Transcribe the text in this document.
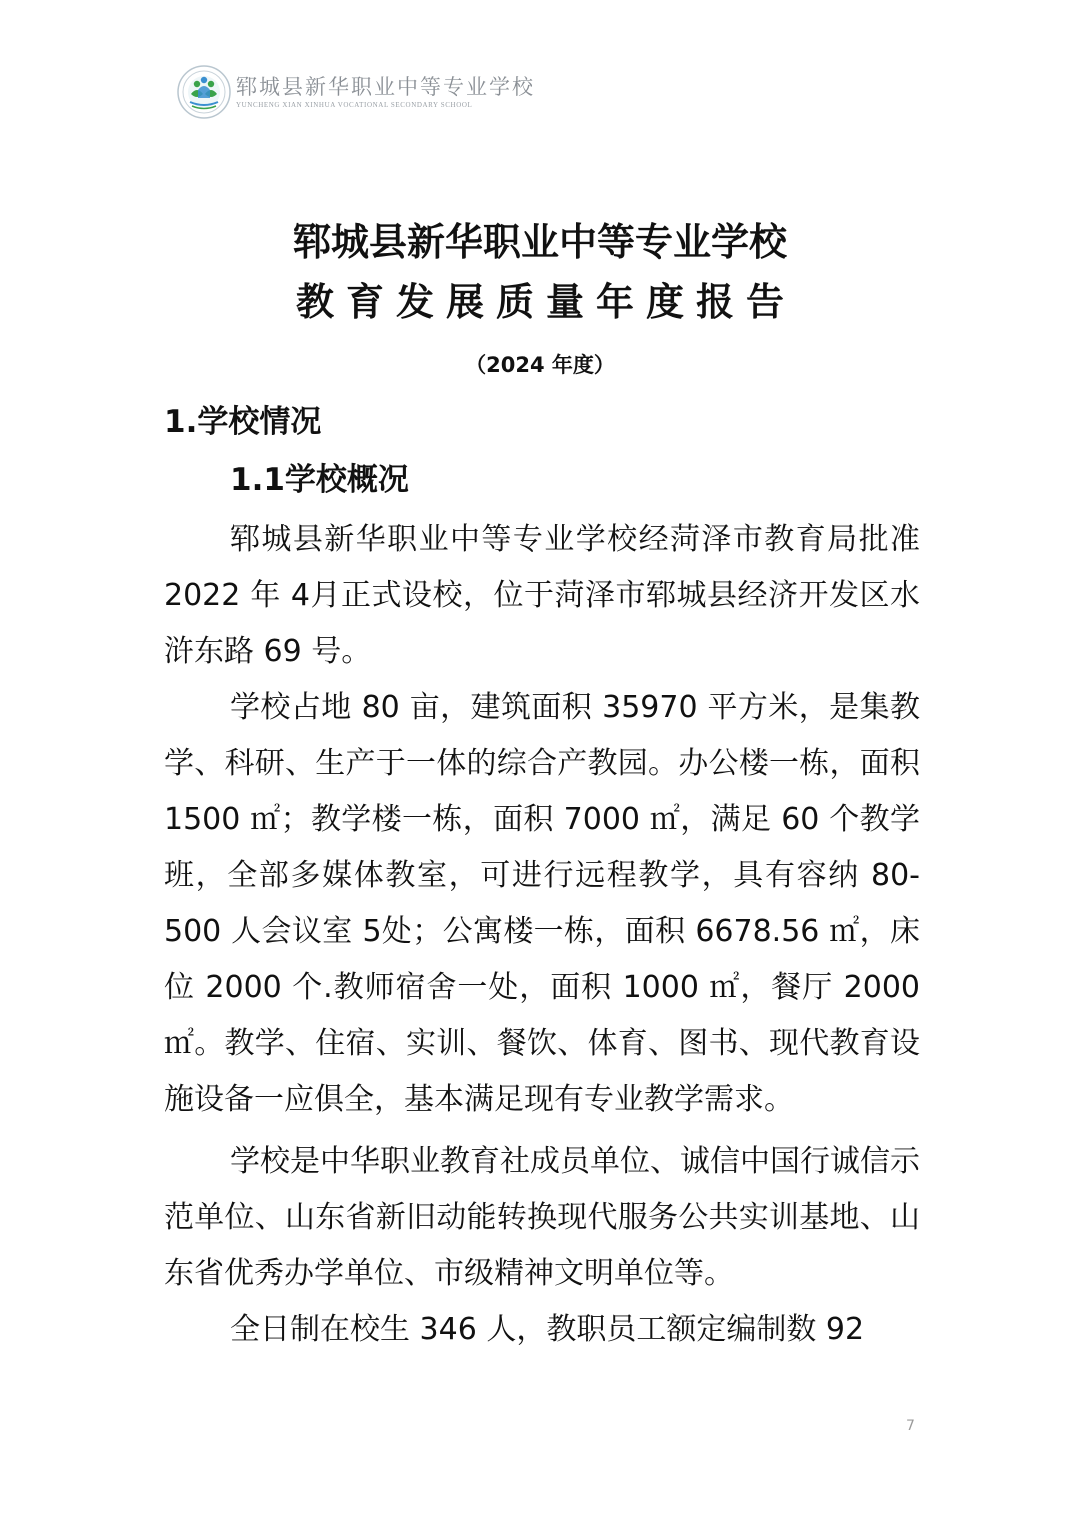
郓城县新华职业中等专业学校
YUNCHENG XIAN XINHUA VOCATIONAL SECONDARY SCHOOL
郓城县新华职业中等专业学校
教育发展质量年度报告
（2024 年度）
1.学校情况
1.1学校概况

郓城县新华职业中等专业学校经菏泽市教育局批准 2022 年 4月正式设校，位于菏泽市郓城县经济开发区水浒东路 69 号。

学校占地 80 亩，建筑面积 35970 平方米，是集教学、科研、生产于一体的综合产教园。办公楼一栋，面积 1500 ㎡；教学楼一栋，面积 7000 ㎡，满足 60 个教学班，全部多媒体教室，可进行远程教学，具有容纳 80-500 人会议室 5处；公寓楼一栋，面积 6678.56 ㎡，床位 2000 个.教师宿舍一处，面积 1000 ㎡，餐厅 2000 ㎡。教学、住宿、实训、餐饮、体育、图书、现代教育设施设备一应俱全，基本满足现有专业教学需求。

学校是中华职业教育社成员单位、诚信中国行诚信示范单位、山东省新旧动能转换现代服务公共实训基地、山东省优秀办学单位、市级精神文明单位等。

全日制在校生 346 人，教职员工额定编制数 92

7
